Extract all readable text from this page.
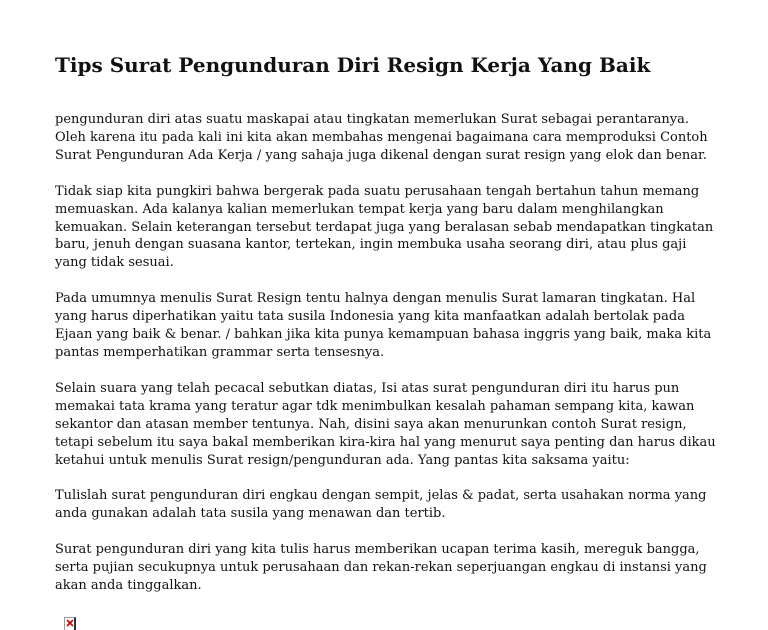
Tips Surat Pengunduran Diri Resign Kerja Yang Baik

pengunduran diri atas suatu maskapai atau tingkatan memerlukan Surat sebagai perantaranya. Oleh karena itu pada kali ini kita akan membahas mengenai bagaimana cara memproduksi Contoh Surat Pengunduran Ada Kerja / yang sahaja juga dikenal dengan surat resign yang elok dan benar.

Tidak siap kita pungkiri bahwa bergerak pada suatu perusahaan tengah bertahun tahun memang memuaskan. Ada kalanya kalian memerlukan tempat kerja yang baru dalam menghilangkan kemuakan. Selain keterangan tersebut terdapat juga yang beralasan sebab mendapatkan tingkatan baru, jenuh dengan suasana kantor, tertekan, ingin membuka usaha seorang diri, atau plus gaji yang tidak sesuai.

Pada umumnya menulis Surat Resign tentu halnya dengan menulis Surat lamaran tingkatan. Hal yang harus diperhatikan yaitu tata susila Indonesia yang kita manfaatkan adalah bertolak pada Ejaan yang baik & benar. / bahkan jika kita punya kemampuan bahasa inggris yang baik, maka kita pantas memperhatikan grammar serta tensesnya.

Selain suara yang telah pecacal sebutkan diatas, Isi atas surat pengunduran diri itu harus pun memakai tata krama yang teratur agar tdk menimbulkan kesalah pahaman sempang kita, kawan sekantor dan atasan member tentunya. Nah, disini saya akan menurunkan contoh Surat resign, tetapi sebelum itu saya bakal memberikan kira-kira hal yang menurut saya penting dan harus dikau ketahui untuk menulis Surat resign/pengunduran ada. Yang pantas kita saksama yaitu:

Tulislah surat pengunduran diri engkau dengan sempit, jelas & padat, serta usahakan norma yang anda gunakan adalah tata susila yang menawan dan tertib.

Surat pengunduran diri yang kita tulis harus memberikan ucapan terima kasih, mereguk bangga, serta pujian secukupnya untuk perusahaan dan rekan-rekan seperjuangan engkau di instansi yang akan anda tinggalkan.
